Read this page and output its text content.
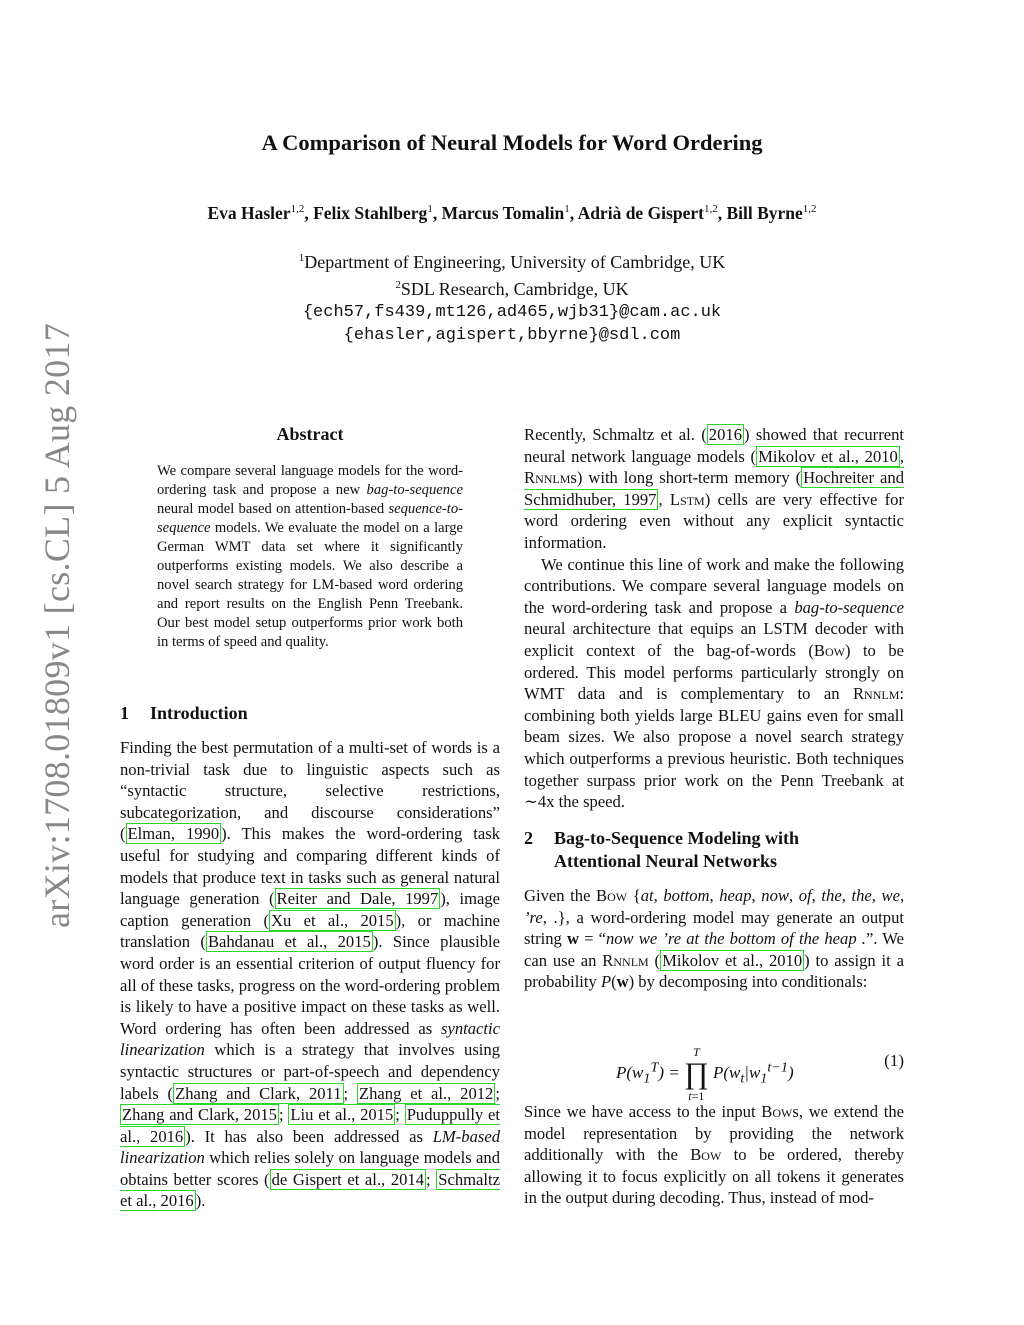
A Comparison of Neural Models for Word Ordering
Eva Hasler$^{1,2}$, Felix Stahlberg$^1$, Marcus Tomalin$^1$, Adrià de Gispert$^{1,2}$, Bill Byrne$^{1,2}$
$^1$Department of Engineering, University of Cambridge, UK
$^2$SDL Research, Cambridge, UK
{ech57,fs439,mt126,ad465,wjb31}@cam.ac.uk
{ehasler,agispert,bbyrne}@sdl.com
arXiv:1708.01809v1 [cs.CL] 5 Aug 2017	Abstract
We compare several language models for the word-ordering task and propose a new bag-to-sequence neural model based on attention-based sequence-to-sequence models. We evaluate the model on a large German WMT data set where it significantly outperforms existing models. We also describe a novel search strategy for LM-based word ordering and report results on the English Penn Treebank. Our best model setup outperforms prior work both in terms of speed and quality.
1 Introduction
Finding the best permutation of a multi-set of words is a non-trivial task due to linguistic aspects such as “syntactic structure, selective restrictions, subcategorization, and discourse considerations” ( Elman, 1990 ). This makes the word-ordering task useful for studying and comparing different kinds of models that produce text in tasks such as general natural language generation ( Reiter and Dale, 1997 ), image caption generation ( Xu et al., 2015 ), or machine translation ( Bahdanau et al., 2015 ). Since plausible word order is an essential criterion of output fluency for all of these tasks, progress on the word-ordering problem is likely to have a positive impact on these tasks as well. Word ordering has often been addressed as syntactic linearization which is a strategy that involves using syntactic structures or part-of-speech and dependency labels ( Zhang and Clark, 2011 ; Zhang et al., 2012 ; Zhang and Clark, 2015 ; Liu et al., 2015 ; Puduppully et al., 2016 ). It has also been addressed as LM-based linearization which relies solely on language models and obtains better scores ( de Gispert et al., 2014 ; Schmaltz et al., 2016 ).

Recently, Schmaltz et al. ( 2016 ) showed that recurrent neural network language models ( Mikolov et al., 2010 , Rnnlms) with long short-term memory ( Hochreiter and Schmidhuber, 1997 , Lstm) cells are very effective for word ordering even without any explicit syntactic information.

We continue this line of work and make the following contributions. We compare several language models on the word-ordering task and propose a bag-to-sequence neural architecture that equips an LSTM decoder with explicit context of the bag-of-words (Bow) to be ordered. This model performs particularly strongly on WMT data and is complementary to an Rnnlm: combining both yields large BLEU gains even for small beam sizes. We also propose a novel search strategy which outperforms a previous heuristic. Both techniques together surpass prior work on the Penn Treebank at ∼4x the speed.

2 Bag-to-Sequence Modeling with
Attentional Neural Networks
Given the Bow {at, bottom, heap, now, of, the, the, we, ’re, .}, a word-ordering model may generate an output string w = “now we ’re at the bottom of the heap .”. We can use an Rnnlm ( Mikolov et al., 2010 ) to assign it a probability P(w) by decomposing into conditionals:
$P(w_1^T)$ =
T
∏
t=1
$P(w_t|w_1^{t-1})$
(1)
Since we have access to the input Bows, we extend the model representation by providing the network additionally with the Bow to be ordered, thereby allowing it to focus explicitly on all tokens it generates in the output during decoding. Thus, instead of mod-
